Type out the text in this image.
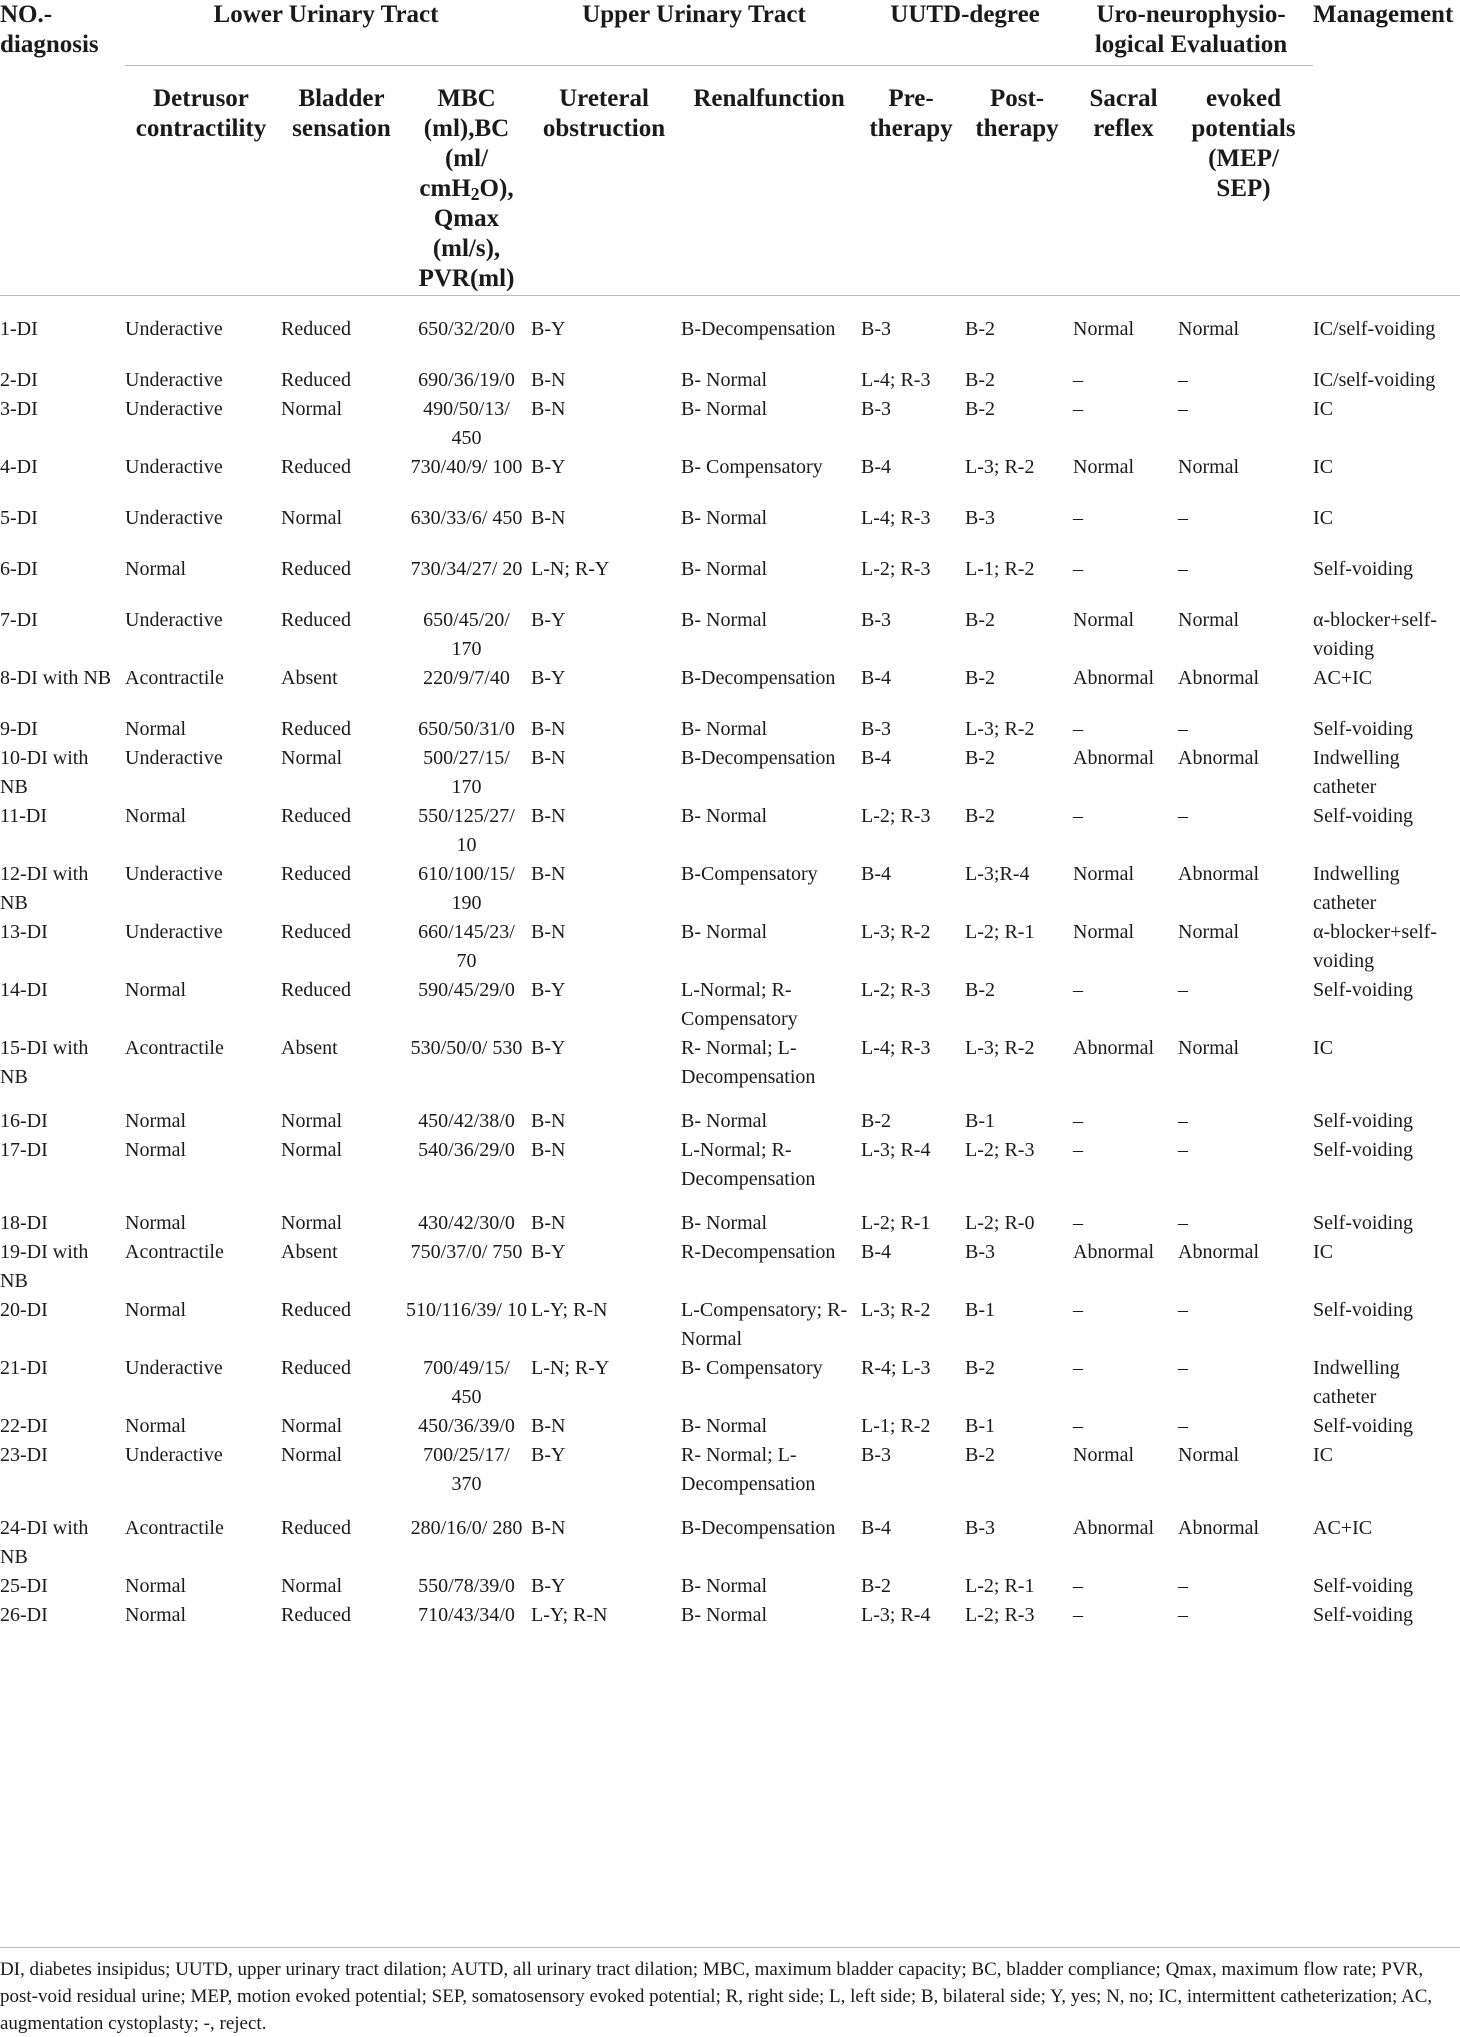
NO.-diagnosis	Lower Urinary Tract			Upper Urinary Tract		UUTD-degree		Uro-neurophysio-logical Evaluation		Management
	Detrusor contractility	Bladder sensation	MBC (ml),BC (ml/ cmH$_2$O), Qmax (ml/s), PVR(ml)	Ureteral obstruction	Renalfunction	Pre-therapy	Post-therapy	Sacral reflex	evoked potentials (MEP/ SEP)	
1-DI	Underactive	Reduced	650/32/20/0	B-Y	B-Decompensation	B-3	B-2	Normal	Normal	IC/self-voiding
2-DI	Underactive	Reduced	690/36/19/0	B-N	B- Normal	L-4; R-3	B-2	–	–	IC/self-voiding
3-DI	Underactive	Normal	490/50/13/ 450	B-N	B- Normal	B-3	B-2	–	–	IC
4-DI	Underactive	Reduced	730/40/9/ 100	B-Y	B- Compensatory	B-4	L-3; R-2	Normal	Normal	IC
5-DI	Underactive	Normal	630/33/6/ 450	B-N	B- Normal	L-4; R-3	B-3	–	–	IC
6-DI	Normal	Reduced	730/34/27/ 20	L-N; R-Y	B- Normal	L-2; R-3	L-1; R-2	–	–	Self-voiding
7-DI	Underactive	Reduced	650/45/20/ 170	B-Y	B- Normal	B-3	B-2	Normal	Normal	α-blocker+self-voiding
8-DI with NB	Acontractile	Absent	220/9/7/40	B-Y	B-Decompensation	B-4	B-2	Abnormal	Abnormal	AC+IC
9-DI	Normal	Reduced	650/50/31/0	B-N	B- Normal	B-3	L-3; R-2	–	–	Self-voiding
10-DI with NB	Underactive	Normal	500/27/15/ 170	B-N	B-Decompensation	B-4	B-2	Abnormal	Abnormal	Indwelling catheter
11-DI	Normal	Reduced	550/125/27/ 10	B-N	B- Normal	L-2; R-3	B-2	–	–	Self-voiding
12-DI with NB	Underactive	Reduced	610/100/15/ 190	B-N	B-Compensatory	B-4	L-3;R-4	Normal	Abnormal	Indwelling catheter
13-DI	Underactive	Reduced	660/145/23/ 70	B-N	B- Normal	L-3; R-2	L-2; R-1	Normal	Normal	α-blocker+self-voiding
14-DI	Normal	Reduced	590/45/29/0	B-Y	L-Normal; R-Compensatory	L-2; R-3	B-2	–	–	Self-voiding
15-DI with NB	Acontractile	Absent	530/50/0/ 530	B-Y	R- Normal; L-Decompensation	L-4; R-3	L-3; R-2	Abnormal	Normal	IC
16-DI	Normal	Normal	450/42/38/0	B-N	B- Normal	B-2	B-1	–	–	Self-voiding
17-DI	Normal	Normal	540/36/29/0	B-N	L-Normal; R-Decompensation	L-3; R-4	L-2; R-3	–	–	Self-voiding
18-DI	Normal	Normal	430/42/30/0	B-N	B- Normal	L-2; R-1	L-2; R-0	–	–	Self-voiding
19-DI with NB	Acontractile	Absent	750/37/0/ 750	B-Y	R-Decompensation	B-4	B-3	Abnormal	Abnormal	IC
20-DI	Normal	Reduced	510/116/39/ 10	L-Y; R-N	L-Compensatory; R-Normal	L-3; R-2	B-1	–	–	Self-voiding
21-DI	Underactive	Reduced	700/49/15/ 450	L-N; R-Y	B- Compensatory	R-4; L-3	B-2	–	–	Indwelling catheter
22-DI	Normal	Normal	450/36/39/0	B-N	B- Normal	L-1; R-2	B-1	–	–	Self-voiding
23-DI	Underactive	Normal	700/25/17/ 370	B-Y	R- Normal; L-Decompensation	B-3	B-2	Normal	Normal	IC
24-DI with NB	Acontractile	Reduced	280/16/0/ 280	B-N	B-Decompensation	B-4	B-3	Abnormal	Abnormal	AC+IC
25-DI	Normal	Normal	550/78/39/0	B-Y	B- Normal	B-2	L-2; R-1	–	–	Self-voiding
26-DI	Normal	Reduced	710/43/34/0	L-Y; R-N	B- Normal	L-3; R-4	L-2; R-3	–	–	Self-voiding
DI, diabetes insipidus; UUTD, upper urinary tract dilation; AUTD, all urinary tract dilation; MBC, maximum bladder capacity; BC, bladder compliance; Qmax, maximum flow rate; PVR, post-void residual urine; MEP, motion evoked potential; SEP, somatosensory evoked potential; R, right side; L, left side; B, bilateral side; Y, yes; N, no; IC, intermittent catheterization; AC, augmentation cystoplasty; -, reject.
